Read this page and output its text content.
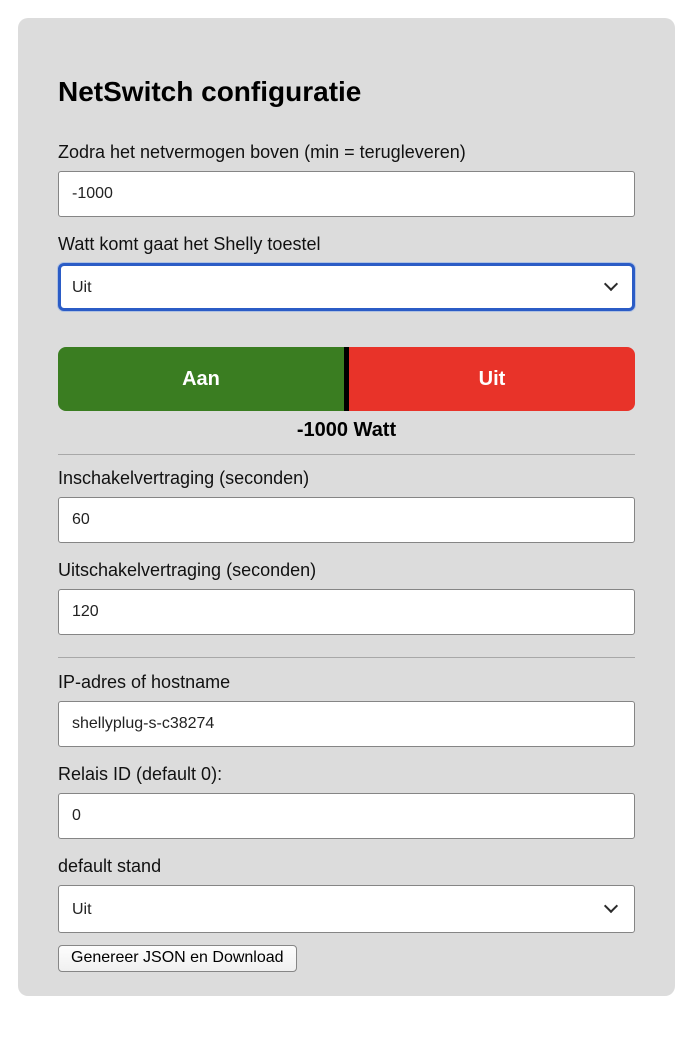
NetSwitch configuratie
Zodra het netvermogen boven (min = terugleveren)
-1000
Watt komt gaat het Shelly toestel
Uit
Aan	Uit
-1000 Watt
Inschakelvertraging (seconden)
60
Uitschakelvertraging (seconden)
120
IP-adres of hostname
shellyplug-s-c38274
Relais ID (default 0):
0
default stand
Uit
Genereer JSON en Download
